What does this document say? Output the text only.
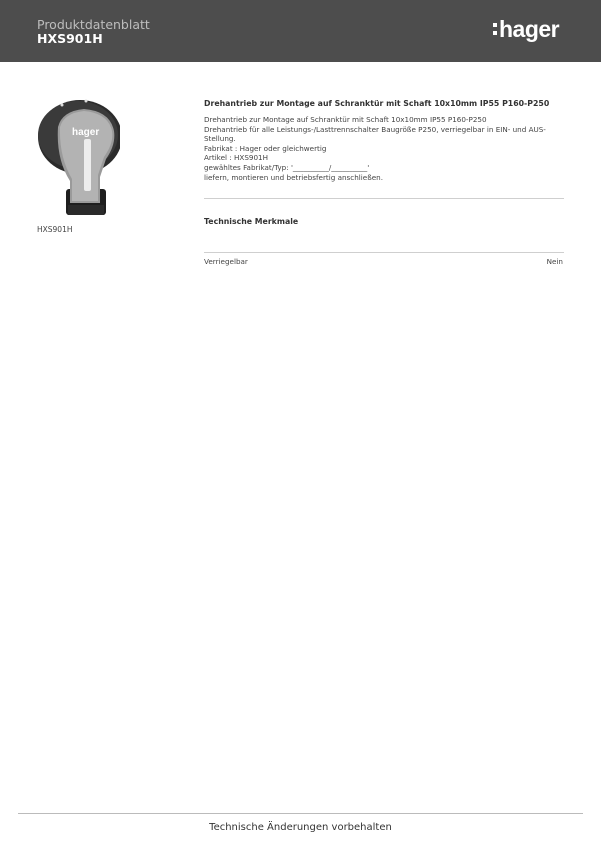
Produktdatenblatt
HXS901H	hager
hager
HXS901H
Drehantrieb zur Montage auf Schranktür mit Schaft 10x10mm IP55 P160-P250
Drehantrieb zur Montage auf Schranktür mit Schaft 10x10mm IP55 P160-P250
Drehantrieb für alle Leistungs-/Lasttrennschalter Baugröße P250, verriegelbar in EIN- und AUS-
Stellung.
Fabrikat : Hager oder gleichwertig
Artikel : HXS901H
gewähltes Fabrikat/Typ: '__________/__________'
liefern, montieren und betriebsfertig anschließen.
Technische Merkmale
Verriegelbar	Nein
Technische Änderungen vorbehalten
